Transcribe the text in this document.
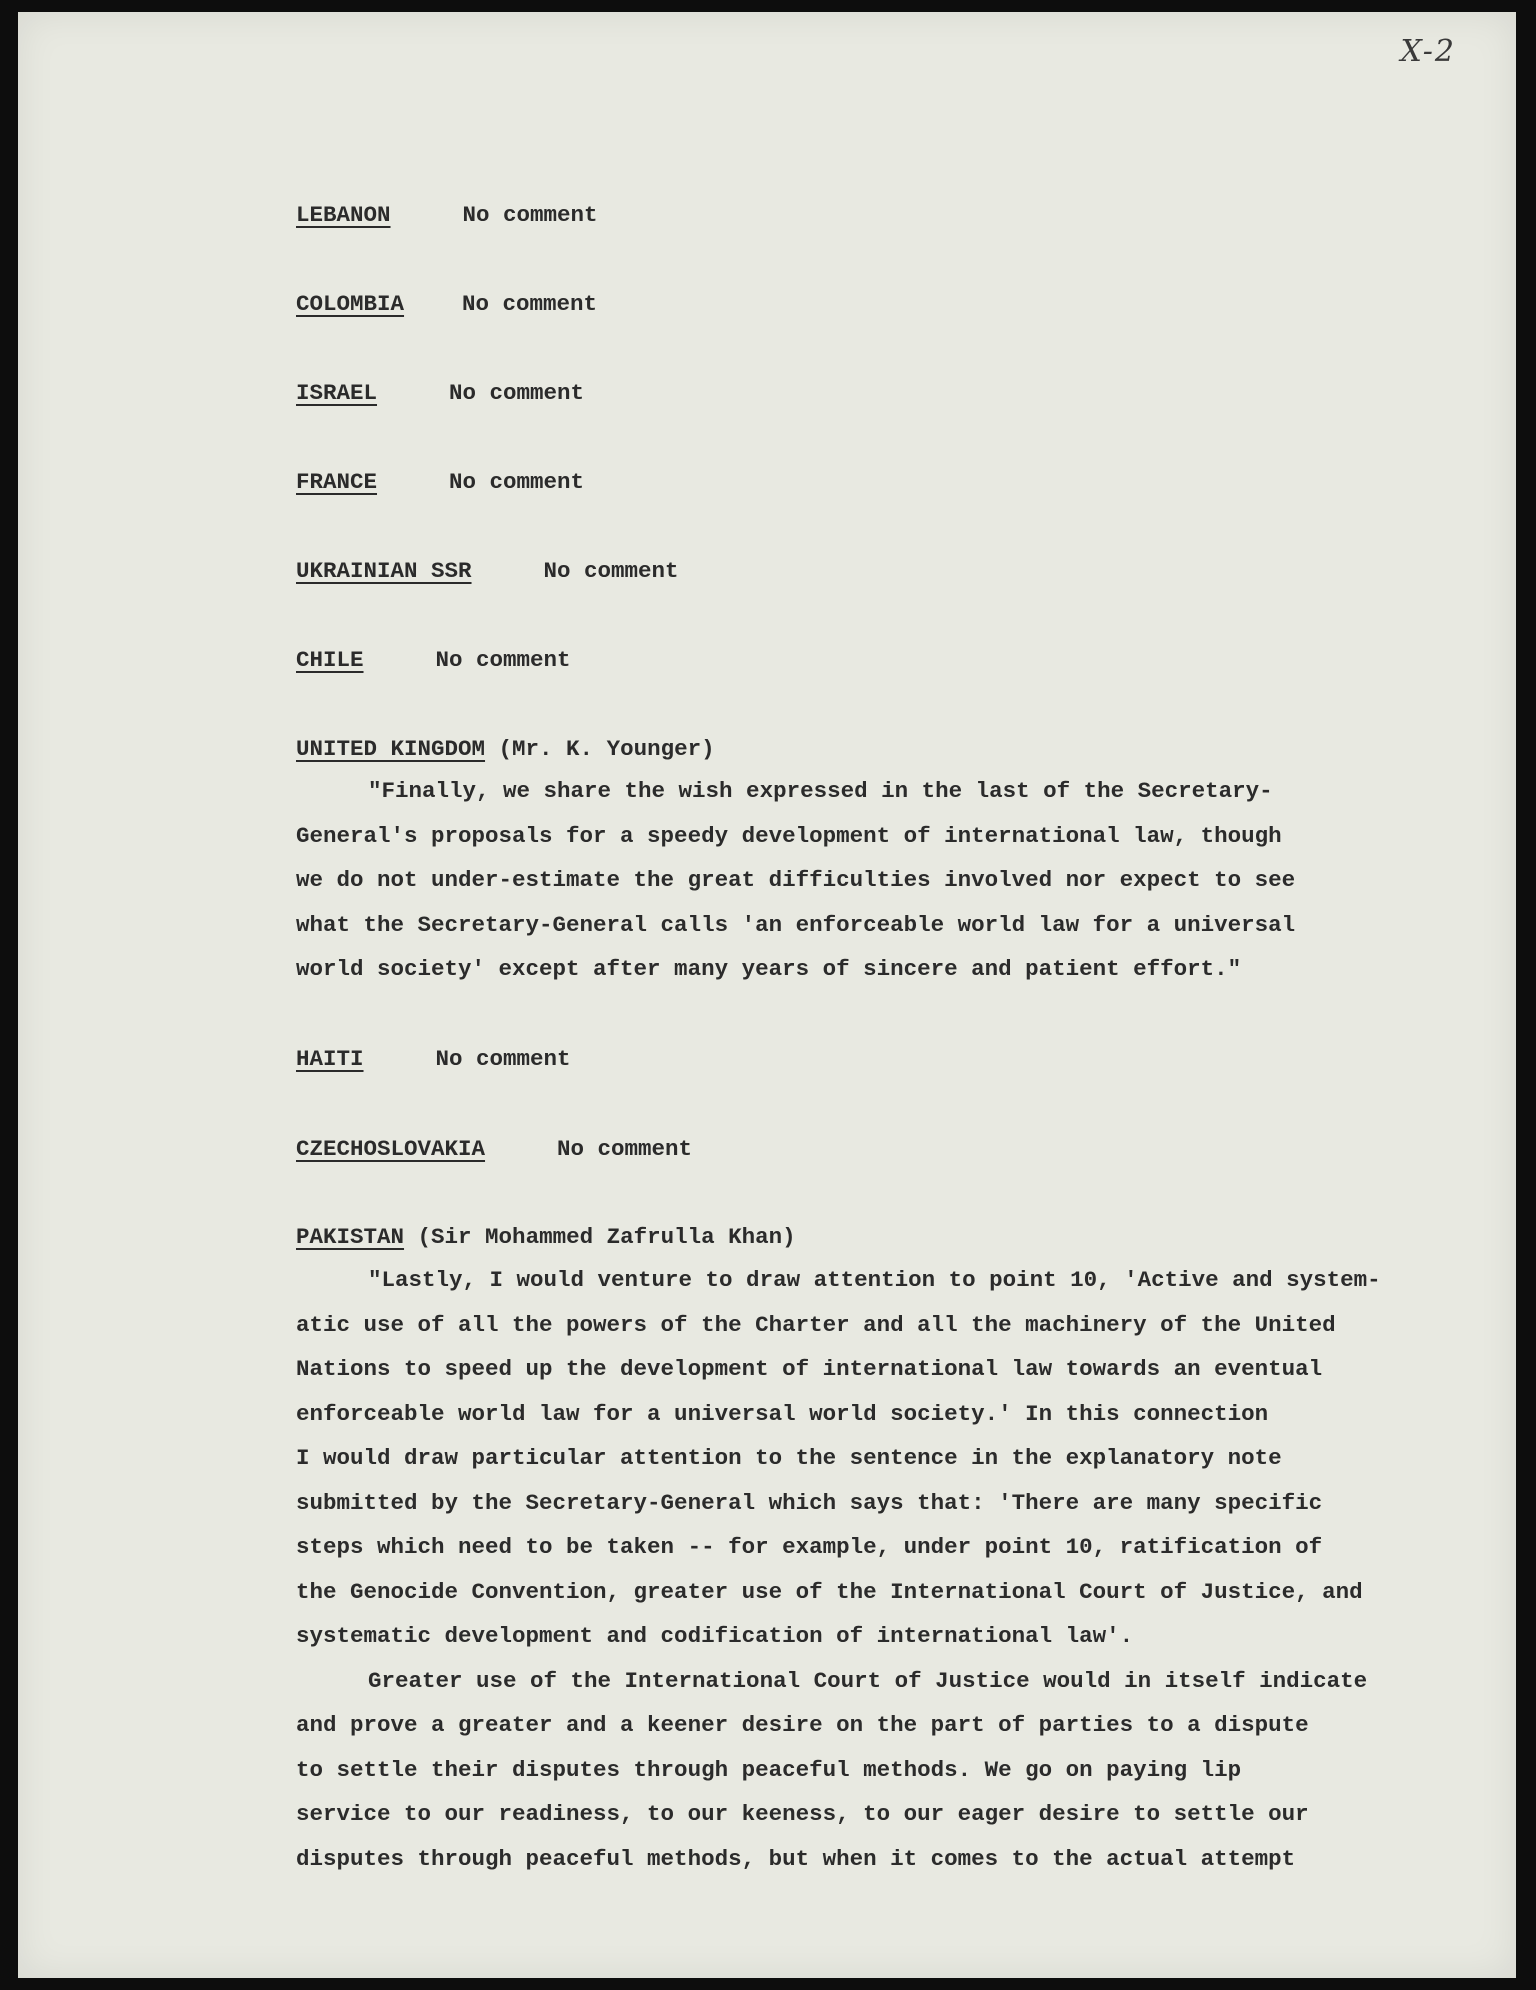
X-2
LEBANON	No comment
COLOMBIA	No comment
ISRAEL	No comment
FRANCE	No comment
UKRAINIAN SSR	No comment
CHILE	No comment
UNITED KINGDOM (Mr. K. Younger)
"Finally, we share the wish expressed in the last of the Secretary-
General's proposals for a speedy development of international law, though
we do not under-estimate the great difficulties involved nor expect to see
what the Secretary-General calls 'an enforceable world law for a universal
world society' except after many years of sincere and patient effort."
HAITI	No comment
CZECHOSLOVAKIA	No comment
PAKISTAN (Sir Mohammed Zafrulla Khan)
"Lastly, I would venture to draw attention to point 10, 'Active and system-
atic use of all the powers of the Charter and all the machinery of the United
Nations to speed up the development of international law towards an eventual
enforceable world law for a universal world society.' In this connection
I would draw particular attention to the sentence in the explanatory note
submitted by the Secretary-General which says that: 'There are many specific
steps which need to be taken -- for example, under point 10, ratification of
the Genocide Convention, greater use of the International Court of Justice, and
systematic development and codification of international law'.
Greater use of the International Court of Justice would in itself indicate
and prove a greater and a keener desire on the part of parties to a dispute
to settle their disputes through peaceful methods. We go on paying lip
service to our readiness, to our keeness, to our eager desire to settle our
disputes through peaceful methods, but when it comes to the actual attempt
